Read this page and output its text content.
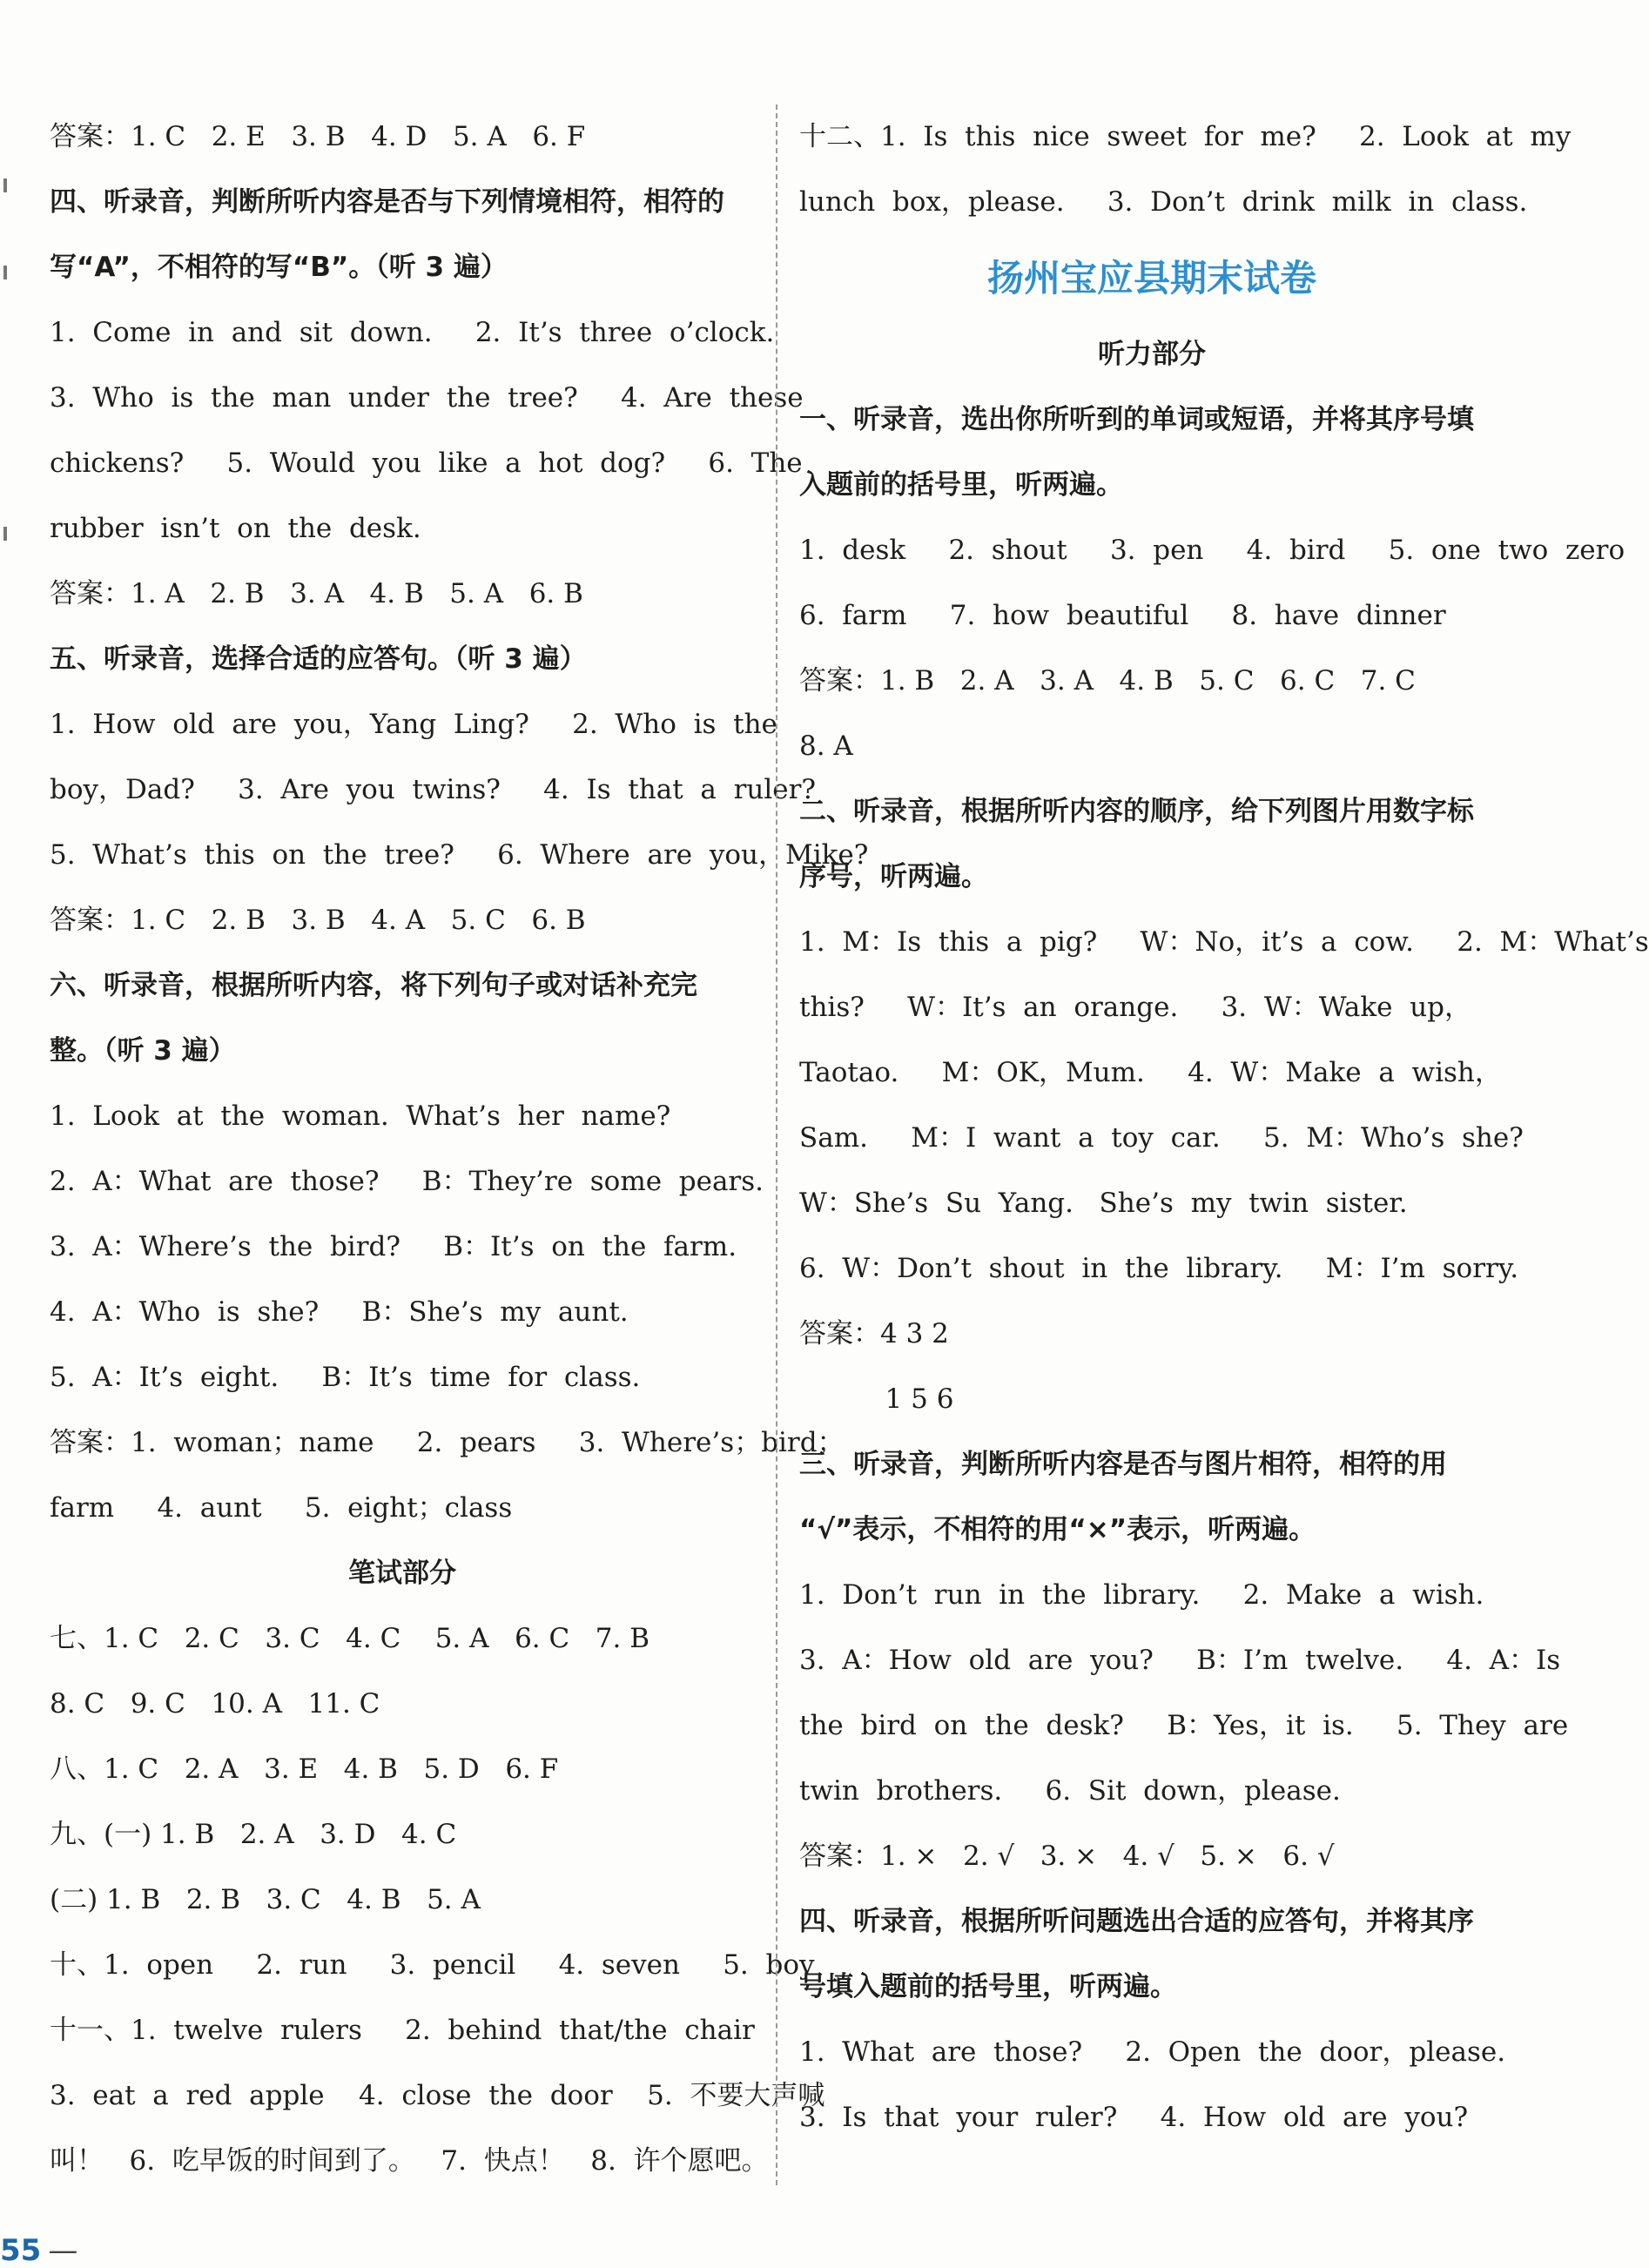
答案：1. C   2. E   3. B   4. D   5. A   6. F
四、听录音，判断所听内容是否与下列情境相符，相符的
写“A”，不相符的写“B”。（听 3 遍）
1.  Come  in  and  sit  down.     2.  It’s  three  o’clock.
3.  Who  is  the  man  under  the  tree?     4.  Are  these
chickens?     5.  Would  you  like  a  hot  dog?     6.  The
rubber  isn’t  on  the  desk.
答案：1. A   2. B   3. A   4. B   5. A   6. B
五、听录音，选择合适的应答句。（听 3 遍）
1.  How  old  are  you，Yang  Ling?     2.  Who  is  the
boy，Dad?     3.  Are  you  twins?     4.  Is  that  a  ruler?
5.  What’s  this  on  the  tree?     6.  Where  are  you，Mike?
答案：1. C   2. B   3. B   4. A   5. C   6. B
六、听录音，根据所听内容，将下列句子或对话补充完
整。（听 3 遍）
1.  Look  at  the  woman.  What’s  her  name?
2.  A：What  are  those?     B：They’re  some  pears.
3.  A：Where’s  the  bird?     B：It’s  on  the  farm.
4.  A：Who  is  she?     B：She’s  my  aunt.
5.  A：It’s  eight.     B：It’s  time  for  class.
答案：1.  woman；name     2.  pears     3.  Where’s；bird；
farm     4.  aunt     5.  eight；class
笔试部分
七、1. C   2. C   3. C   4. C    5. A   6. C   7. B
8. C   9. C   10. A   11. C
八、1. C   2. A   3. E   4. B   5. D   6. F
九、(一) 1. B   2. A   3. D   4. C
(二) 1. B   2. B   3. C   4. B   5. A
十、1.  open     2.  run     3.  pencil     4.  seven     5.  boy
十一、1.  twelve  rulers     2.  behind  that/the  chair
3.  eat  a  red  apple    4.  close  the  door    5.  不要大声喊
叫！   6.  吃早饭的时间到了。   7.  快点！   8.  许个愿吧。
十二、1.  Is  this  nice  sweet  for  me?     2.  Look  at  my
lunch  box，please.     3.  Don’t  drink  milk  in  class.
扬州宝应县期末试卷
听力部分
一、听录音，选出你所听到的单词或短语，并将其序号填
入题前的括号里，听两遍。
1.  desk     2.  shout     3.  pen     4.  bird     5.  one  two  zero
6.  farm     7.  how  beautiful     8.  have  dinner
答案：1. B   2. A   3. A   4. B   5. C   6. C   7. C
8. A
二、听录音，根据所听内容的顺序，给下列图片用数字标
序号，听两遍。
1.  M：Is  this  a  pig?     W：No，it’s  a  cow.     2.  M：What’s
this?     W：It’s  an  orange.     3.  W：Wake  up，
Taotao.     M：OK，Mum.     4.  W：Make  a  wish，
Sam.     M：I  want  a  toy  car.     5.  M：Who’s  she?
W：She’s  Su  Yang.   She’s  my  twin  sister.
6.  W：Don’t  shout  in  the  library.     M：I’m  sorry.
答案：4 3 2
1 5 6
三、听录音，判断所听内容是否与图片相符，相符的用
“√”表示，不相符的用“×”表示，听两遍。
1.  Don’t  run  in  the  library.     2.  Make  a  wish.
3.  A：How  old  are  you?     B：I’m  twelve.     4.  A：Is
the  bird  on  the  desk?     B：Yes，it  is.     5.  They  are
twin  brothers.     6.  Sit  down，please.
答案：1. ×   2. √   3. ×   4. √   5. ×   6. √
四、听录音，根据所听问题选出合适的应答句，并将其序
号填入题前的括号里，听两遍。
1.  What  are  those?     2.  Open  the  door，please.
3.  Is  that  your  ruler?     4.  How  old  are  you?
55 —
